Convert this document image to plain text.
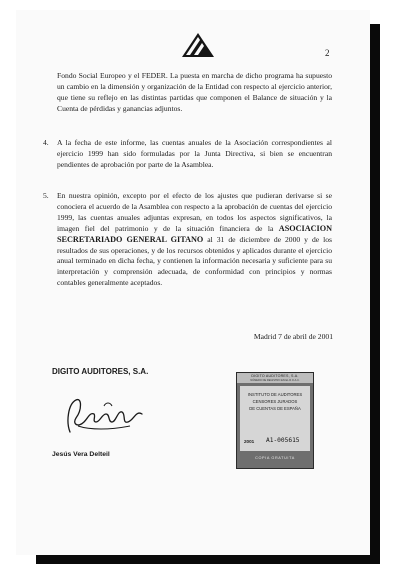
2
Fondo Social Europeo y el FEDER. La puesta en marcha de dicho programa ha supuesto un cambio en la dimensión y organización de la Entidad con respecto al ejercicio anterior, que tiene su reflejo en las distintas partidas que componen el Balance de situación y la Cuenta de pérdidas y ganancias adjuntos.
4. A la fecha de este informe, las cuentas anuales de la Asociación correspondientes al ejercicio 1999 han sido formuladas por la Junta Directiva, si bien se encuentran pendientes de aprobación por parte de la Asamblea.
5. En nuestra opinión, excepto por el efecto de los ajustes que pudieran derivarse si se conociera el acuerdo de la Asamblea con respecto a la aprobación de cuentas del ejercicio 1999, las cuentas anuales adjuntas expresan, en todos los aspectos significativos, la imagen fiel del patrimonio y de la situación financiera de la ASOCIACION SECRETARIADO GENERAL GITANO al 31 de diciembre de 2000 y de los resultados de sus operaciones, y de los recursos obtenidos y aplicados durante el ejercicio anual terminado en dicha fecha, y contienen la información necesaria y suficiente para su interpretación y comprensión adecuada, de conformidad con principios y normas contables generalmente aceptados.
Madrid 7 de abril de 2001
DIGITO AUDITORES, S.A.
Jesús Vera Delteil
DIGITO AUDITORES, S.A.
NÚMERO DE REGISTRO EN EL R.O.A.C.
INSTITUTO DE AUDITORES
CENSORES JURADOS
DE CUENTAS DE ESPAÑA
2001 A1-005615
COPIA GRATUITA
